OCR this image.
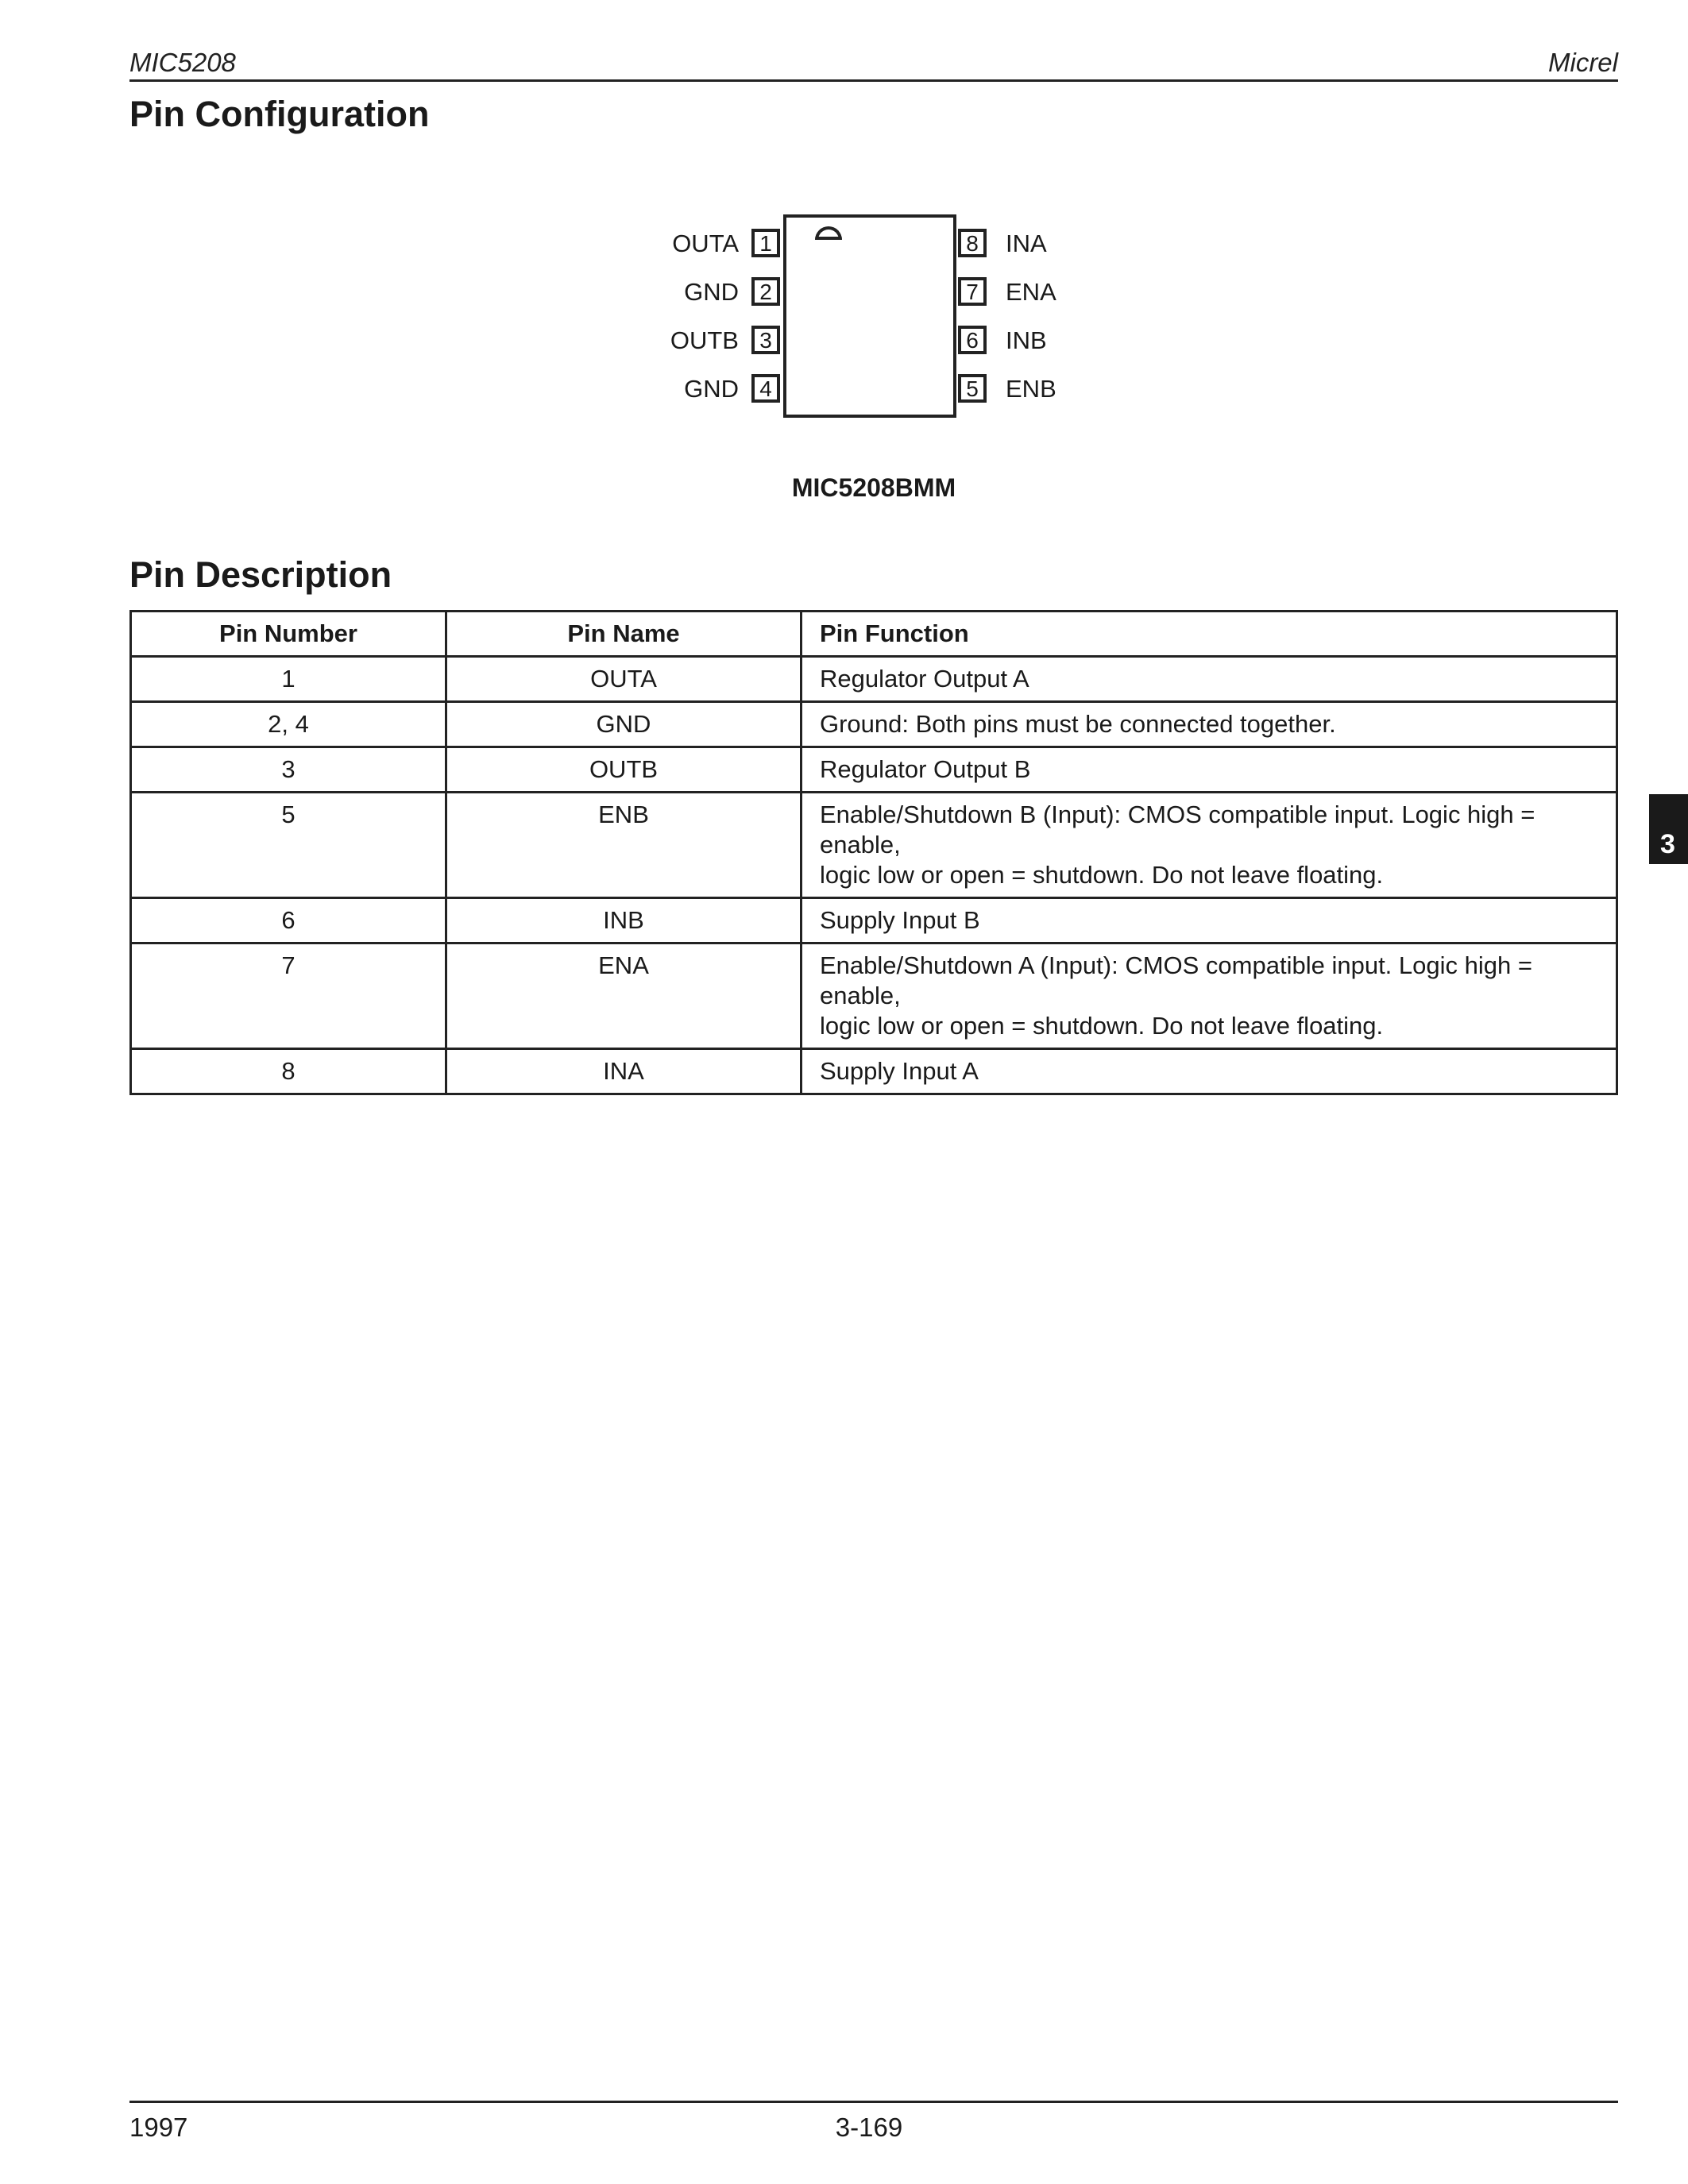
MIC5208	Micrel
Pin Configuration
OUTA 1
GND 2
OUTB 3
GND 4
8	INA
7	ENA
6	INB
5	ENB
MIC5208BMM
Pin Description
Pin Number	Pin Name	Pin Function
1	OUTA	Regulator Output A
2, 4	GND	Ground: Both pins must be connected together.
3	OUTB	Regulator Output B
5	ENB	Enable/Shutdown B (Input): CMOS compatible input. Logic high = enable,
logic low or open = shutdown. Do not leave floating.

6	INB	Supply Input B
7	ENA	Enable/Shutdown A (Input): CMOS compatible input. Logic high = enable,
logic low or open = shutdown. Do not leave floating.

8	INA	Supply Input A
3
1997	3-169
